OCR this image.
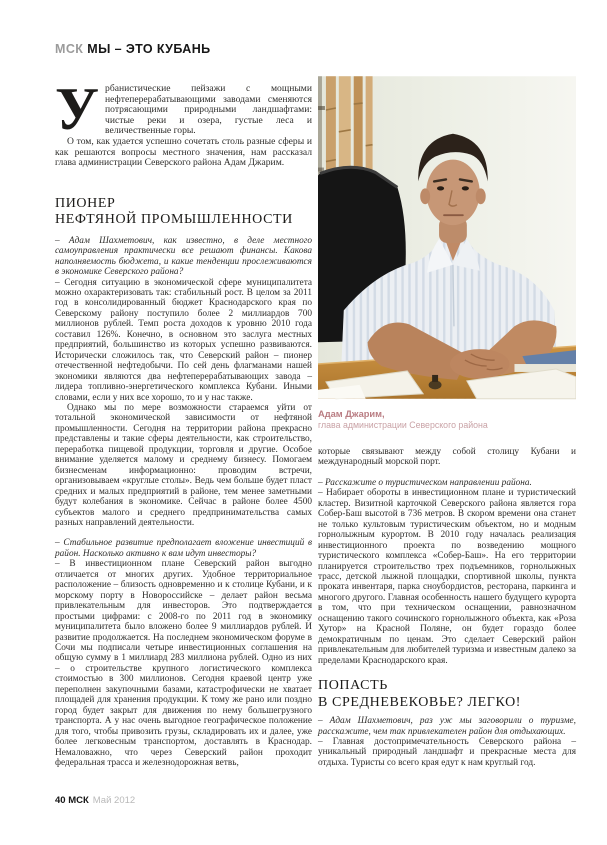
МСК МЫ – ЭТО КУБАНЬ
Урбанистические пейзажи с мощными нефтеперерабатывающими заводами сменяются потрясающими природными ландшафтами: чистые реки и озера, густые леса и величественные горы.
О том, как удается успешно сочетать столь разные сферы и как решаются вопросы местного значения, нам рассказал глава администрации Северского района Адам Джарим.
ПИОНЕР
НЕФТЯНОЙ ПРОМЫШЛЕННОСТИ
– Адам Шахметович, как известно, в деле местного самоуправления практически все решают финансы. Какова наполняемость бюджета, и какие тенденции прослеживаются в экономике Северского района?
– Сегодня ситуацию в экономической сфере муниципалитета можно охарактеризовать так: стабильный рост. В целом за 2011 год в консолидированный бюджет Краснодарского края по Северскому району поступило более 2 миллиардов 700 миллионов рублей. Темп роста доходов к уровню 2010 года составил 126%. Конечно, в основном это заслуга местных предприятий, большинство из которых успешно развиваются. Исторически сложилось так, что Северский район – пионер отечественной нефтедобычи. По сей день флагманами нашей экономики являются два нефтеперерабатывающих завода – лидера топливно-энергетического комплекса Кубани. Иными словами, если у них все хорошо, то и у нас также.
Однако мы по мере возможности стараемся уйти от тотальной экономической зависимости от нефтяной промышленности. Сегодня на территории района прекрасно представлены и такие сферы деятельности, как строительство, переработка пищевой продукции, торговля и другие. Особое внимание уделяется малому и среднему бизнесу. Помогаем бизнесменам информационно: проводим встречи, организовываем «круглые столы». Ведь чем больше будет пласт средних и малых предприятий в районе, тем менее заметными будут колебания в экономике. Сейчас в районе более 4500 субъектов малого и среднего предпринимательства самых разных направлений деятельности.
– Стабильное развитие предполагает вложение инвестиций в район. Насколько активно к вам идут инвесторы?
– В инвестиционном плане Северский район выгодно отличается от многих других. Удобное территориальное расположение – близость одновременно и к столице Кубани, и к морскому порту в Новороссийске – делает район весьма привлекательным для инвесторов. Это подтверждается простыми цифрами: с 2008-го по 2011 год в экономику муниципалитета было вложено более 9 миллиардов рублей. И развитие продолжается. На последнем экономическом форуме в Сочи мы подписали четыре инвестиционных соглашения на общую сумму в 1 миллиард 283 миллиона рублей. Одно из них – о строительстве крупного логистического комплекса стоимостью в 300 миллионов. Сегодня краевой центр уже переполнен закупочными базами, катастрофически не хватает площадей для хранения продукции. К тому же рано или поздно город будет закрыт для движения по нему большегрузного транспорта. А у нас очень выгодное географическое положение для того, чтобы привозить грузы, складировать их и далее, уже более легковесным транспортом, доставлять в Краснодар. Немаловажно, что через Северский район проходит федеральная трасса и железнодорожная ветвь,
Адам Джарим,
глава администрации Северского района
которые связывают между собой столицу Кубани и международный морской порт.
– Расскажите о туристическом направлении района.
– Набирает обороты в инвестиционном плане и туристический кластер. Визитной карточкой Северского района является гора Собер-Баш высотой в 736 метров. В скором времени она станет не только культовым туристическим объектом, но и модным горнолыжным курортом. В 2010 году началась реализация инвестиционного проекта по возведению мощного туристического комплекса «Собер-Баш». На его территории планируется строительство трех подъемников, горнолыжных трасс, детской лыжной площадки, спортивной школы, пункта проката инвентаря, парка сноубордистов, ресторана, паркинга и многого другого. Главная особенность нашего будущего курорта в том, что при техническом оснащении, равнозначном оснащению такого сочинского горнолыжного объекта, как «Роза Хутор» на Красной Поляне, он будет гораздо более демократичным по ценам. Это сделает Северский район привлекательным для любителей туризма и известным далеко за пределами Краснодарского края.
ПОПАСТЬ
В СРЕДНЕВЕКОВЬЕ? ЛЕГКО!
– Адам Шахметович, раз уж мы заговорили о туризме, расскажите, чем так привлекателен район для отдыхающих.
– Главная достопримечательность Северского района – уникальный природный ландшафт и прекрасные места для отдыха. Туристы со всего края едут к нам круглый год.
40 МСК Май 2012
